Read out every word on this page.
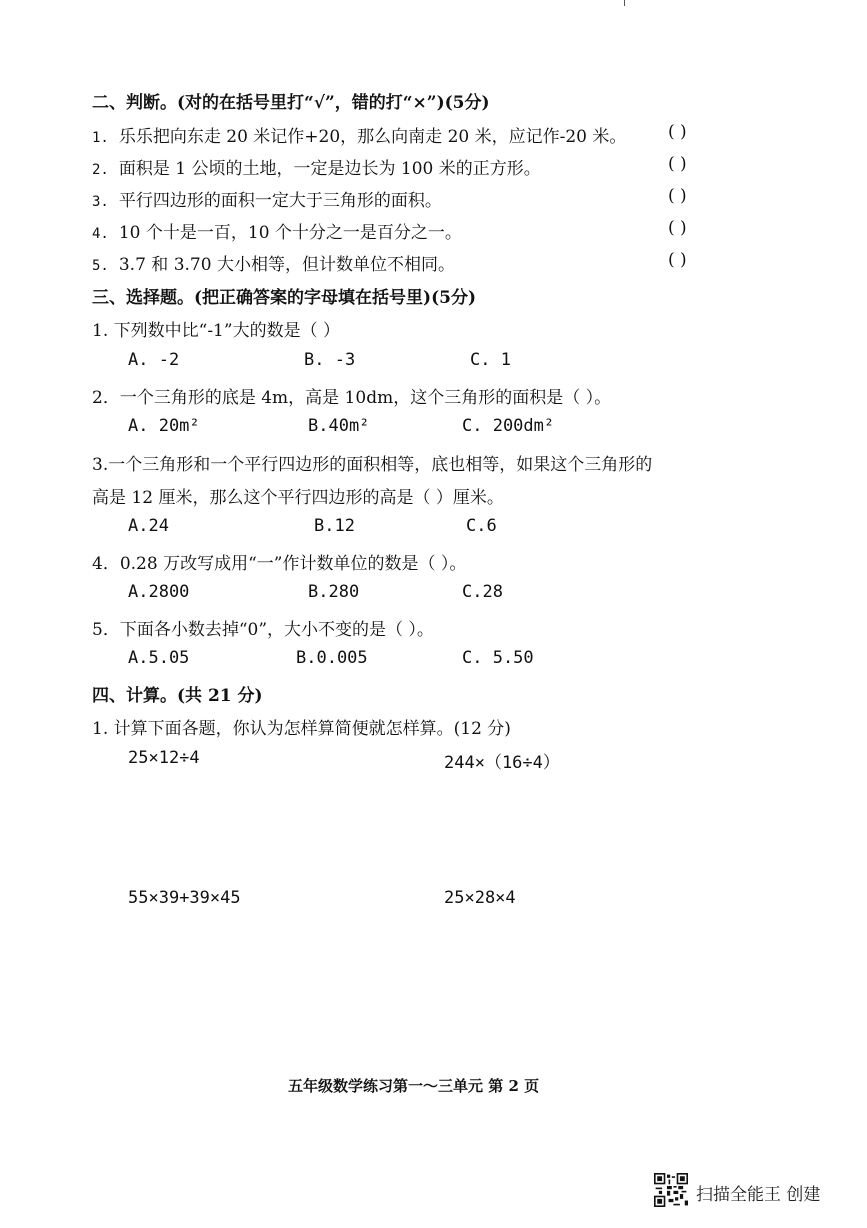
二、判断。(对的在括号里打“√”，错的打“×”)(5分)
1. 乐乐把向东走 20 米记作+20，那么向南走 20 米，应记作-20 米。 ( )
2. 面积是 1 公顷的土地，一定是边长为 100 米的正方形。	( )
3. 平行四边形的面积一定大于三角形的面积。	( )
4. 10 个十是一百，10 个十分之一是百分之一。	( )
5. 3.7 和 3.70 大小相等，但计数单位不相同。	( )
三、选择题。(把正确答案的字母填在括号里)(5分)
1. 下列数中比“-1”大的数是（ ）
A. -2	B. -3	C. 1
2．一个三角形的底是 4m，高是 10dm，这个三角形的面积是（ ）。
A. 20m²	B.40m²	C. 200dm²
3.一个三角形和一个平行四边形的面积相等，底也相等，如果这个三角形的
高是 12 厘米，那么这个平行四边形的高是（ ）厘米。
A.24	B.12	C.6
4．0.28 万改写成用“一”作计数单位的数是（ ）。
A.2800	B.280	C.28
5．下面各小数去掉“0”，大小不变的是（ ）。
A.5.05	B.0.005	C. 5.50
四、计算。(共 21 分)
1. 计算下面各题，你认为怎样算简便就怎样算。(12 分)
25×12÷4	244×（16÷4）
55×39+39×45	25×28×4
五年级数学练习第一～三单元 第 2 页
扫描全能王 创建
